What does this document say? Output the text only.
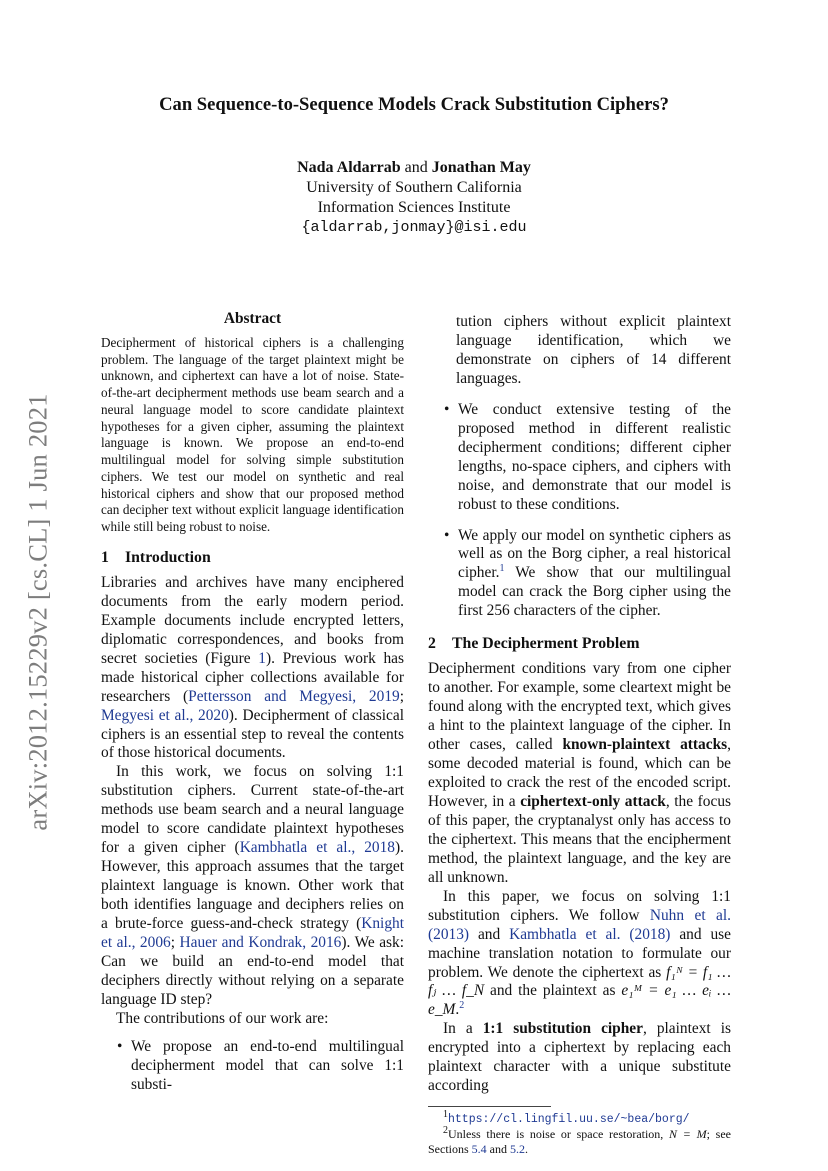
arXiv:2012.15229v2 [cs.CL] 1 Jun 2021
Can Sequence-to-Sequence Models Crack Substitution Ciphers?
Nada Aldarrab and Jonathan May
University of Southern California
Information Sciences Institute
{aldarrab,jonmay}@isi.edu
Abstract

Decipherment of historical ciphers is a challenging problem. The language of the target plaintext might be unknown, and ciphertext can have a lot of noise. State-of-the-art decipherment methods use beam search and a neural language model to score candidate plaintext hypotheses for a given cipher, assuming the plaintext language is known. We propose an end-to-end multilingual model for solving simple substitution ciphers. We test our model on synthetic and real historical ciphers and show that our proposed method can decipher text without explicit language identification while still being robust to noise.

1 Introduction

Libraries and archives have many enciphered documents from the early modern period. Example documents include encrypted letters, diplomatic correspondences, and books from secret societies (Figure 1). Previous work has made historical cipher collections available for researchers (Pettersson and Megyesi, 2019; Megyesi et al., 2020). Decipherment of classical ciphers is an essential step to reveal the contents of those historical documents.

In this work, we focus on solving 1:1 substitution ciphers. Current state-of-the-art methods use beam search and a neural language model to score candidate plaintext hypotheses for a given cipher (Kambhatla et al., 2018). However, this approach assumes that the target plaintext language is known. Other work that both identifies language and deciphers relies on a brute-force guess-and-check strategy (Knight et al., 2006; Hauer and Kondrak, 2016). We ask: Can we build an end-to-end model that deciphers directly without relying on a separate language ID step?

The contributions of our work are:

• We propose an end-to-end multilingual decipherment model that can solve 1:1 substi-
tution ciphers without explicit plaintext language identification, which we demonstrate on ciphers of 14 different languages.
• We conduct extensive testing of the proposed method in different realistic decipherment conditions; different cipher lengths, no-space ciphers, and ciphers with noise, and demonstrate that our model is robust to these conditions.
• We apply our model on synthetic ciphers as well as on the Borg cipher, a real historical cipher.$^1$ We show that our multilingual model can crack the Borg cipher using the first 256 characters of the cipher.
2 The Decipherment Problem

Decipherment conditions vary from one cipher to another. For example, some cleartext might be found along with the encrypted text, which gives a hint to the plaintext language of the cipher. In other cases, called known-plaintext attacks, some decoded material is found, which can be exploited to crack the rest of the encoded script. However, in a ciphertext-only attack, the focus of this paper, the cryptanalyst only has access to the ciphertext. This means that the encipherment method, the plaintext language, and the key are all unknown.

In this paper, we focus on solving 1:1 substitution ciphers. We follow Nuhn et al. (2013) and Kambhatla et al. (2018) and use machine translation notation to formulate our problem. We denote the ciphertext as f₁ᴺ = f₁ … fⱼ … f_N and the plaintext as e₁ᴹ = e₁ … eᵢ … e_M.$^2$

In a 1:1 substitution cipher, plaintext is encrypted into a ciphertext by replacing each plaintext character with a unique substitute according

$^1$https://cl.lingfil.uu.se/~bea/borg/
$^2$Unless there is noise or space restoration, N = M; see Sections 5.4 and 5.2.
